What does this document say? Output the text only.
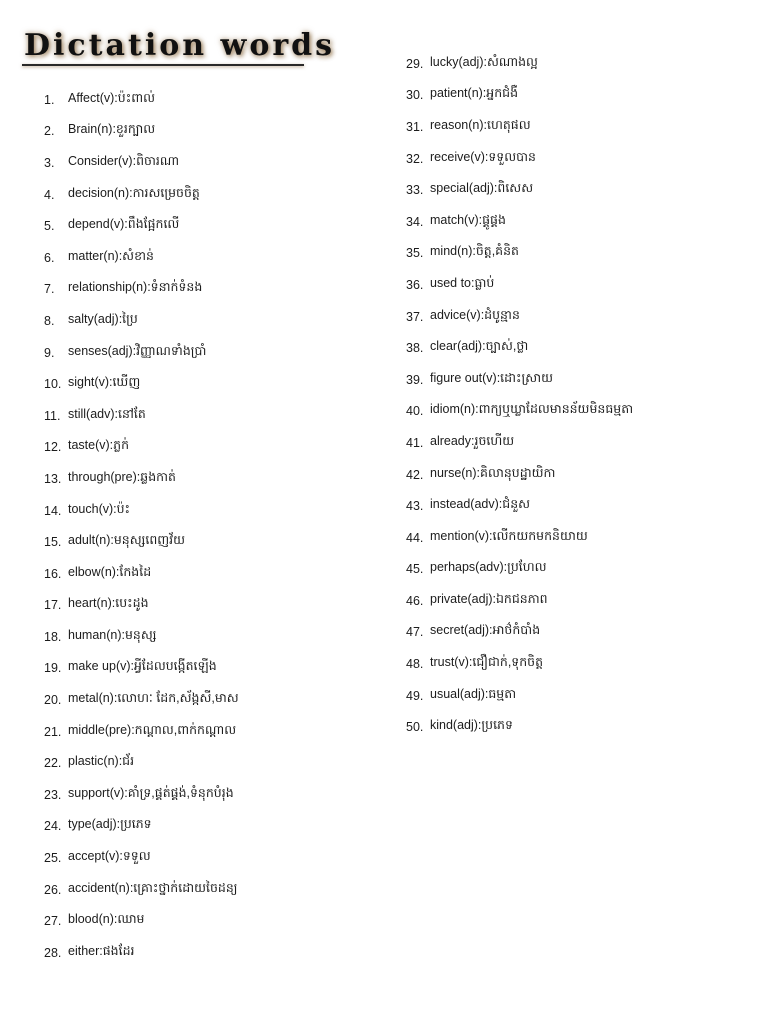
Dictation words
1.	Affect(v):ប៉ះពាល់
2.	Brain(n):ខួរក្បាល
3.	Consider(v):ពិចារណា
4.	decision(n):ការសម្រេចចិត្ត
5.	depend(v):ពឹងផ្អែកលើ
6.	matter(n):សំខាន់
7.	relationship(n):ទំនាក់ទំនង
8.	salty(adj):ប្រៃ
9.	senses(adj):វិញ្ញាណទាំងប្រាំ
10. sight(v):ឃើញ
11. still(adv):នៅតែ
12. taste(v):ភ្លក់
13. through(pre):ឆ្លងកាត់
14. touch(v):ប៉ះ
15. adult(n):មនុស្សពេញវ័យ
16. elbow(n):កែងដៃ
17. heart(n):បេះដូង
18. human(n):មនុស្ស
19. make up(v):អ្វីដែលបង្កើតឡើង
20. metal(n):លោហៈ ដែក,ស័ង្កសី,មាស
21. middle(pre):កណ្ដាល,ពាក់កណ្ដាល
22. plastic(n):ជ័រ
23. support(v):គាំទ្រ,ផ្គត់ផ្គង់,ទំនុកបំរុង
24. type(adj):ប្រភេទ
25. accept(v):ទទួល
26. accident(n):គ្រោះថ្នាក់ដោយចៃដន្យ
27. blood(n):ឈាម
28. either:ផងដែរ
29. lucky(adj):សំណាងល្អ
30. patient(n):អ្នកជំងឺ
31. reason(n):ហេតុផល
32. receive(v):ទទួលបាន
33. special(adj):ពិសេស
34. match(v):ផ្គូផ្គង
35. mind(n):ចិត្ត,គំនិត
36. used to:ធ្លាប់
37. advice(v):ដំបូន្មាន
38. clear(adj):ច្បាស់,ថ្លា
39. figure out(v):ដោះស្រាយ
40. idiom(n):ពាក្យឬឃ្លាដែលមានន័យមិនធម្មតា
41. already:រួចហើយ
42. nurse(n):គិលានុបដ្ឋាយិកា
43. instead(adv):ជំនួស
44. mention(v):លើកយកមកនិយាយ
45. perhaps(adv):ប្រហែល
46. private(adj):ឯកជនភាព
47. secret(adj):អាថ៌កំបាំង
48. trust(v):ជឿជាក់,ទុកចិត្ត
49. usual(adj):ធម្មតា
50. kind(adj):ប្រភេទ
